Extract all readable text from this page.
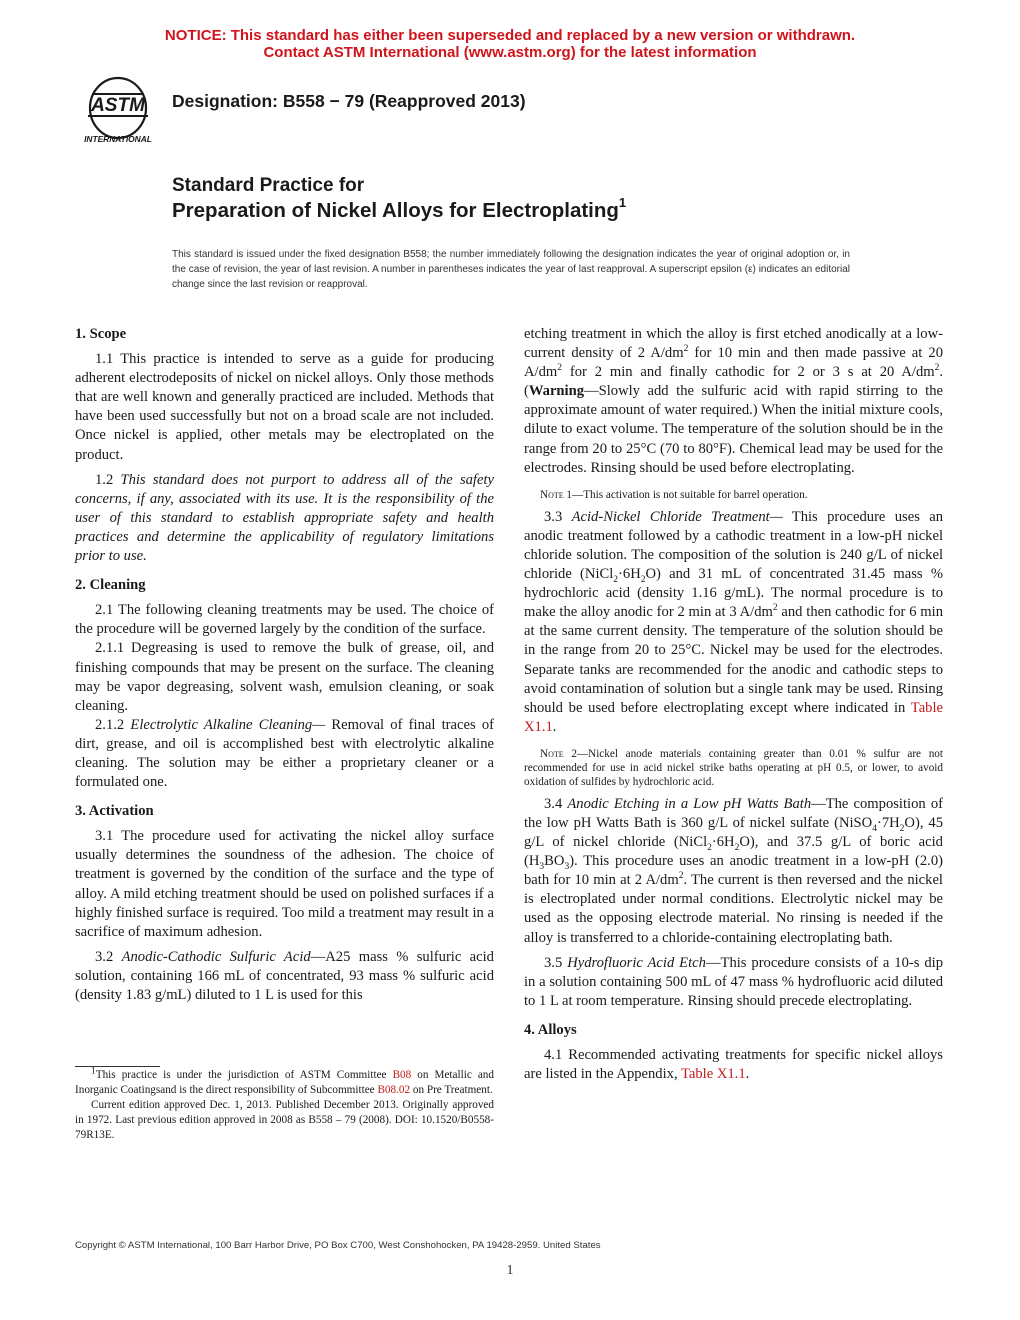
NOTICE: This standard has either been superseded and replaced by a new version or withdrawn.
Contact ASTM International (www.astm.org) for the latest information
ASTM
INTERNATIONAL
Designation: B558 − 79 (Reapproved 2013)
Standard Practice for
Preparation of Nickel Alloys for Electroplating$^1$
This standard is issued under the fixed designation B558; the number immediately following the designation indicates the year of original adoption or, in the case of revision, the year of last revision. A number in parentheses indicates the year of last reapproval. A superscript epsilon (ε) indicates an editorial change since the last revision or reapproval.
1. Scope

1.1 This practice is intended to serve as a guide for producing adherent electrodeposits of nickel on nickel alloys. Only those methods that are well known and generally practiced are included. Methods that have been used successfully but not on a broad scale are not included. Once nickel is applied, other metals may be electroplated on the product.

1.2 This standard does not purport to address all of the safety concerns, if any, associated with its use. It is the responsibility of the user of this standard to establish appropriate safety and health practices and determine the applicability of regulatory limitations prior to use.

2. Cleaning

2.1 The following cleaning treatments may be used. The choice of the procedure will be governed largely by the condition of the surface.

2.1.1 Degreasing is used to remove the bulk of grease, oil, and finishing compounds that may be present on the surface. The cleaning may be vapor degreasing, solvent wash, emulsion cleaning, or soak cleaning.

2.1.2 Electrolytic Alkaline Cleaning— Removal of final traces of dirt, grease, and oil is accomplished best with electrolytic alkaline cleaning. The solution may be either a proprietary cleaner or a formulated one.

3. Activation

3.1 The procedure used for activating the nickel alloy surface usually determines the soundness of the adhesion. The choice of treatment is governed by the condition of the surface and the type of alloy. A mild etching treatment should be used on polished surfaces if a highly finished surface is required. Too mild a treatment may result in a sacrifice of maximum adhesion.

3.2 Anodic-Cathodic Sulfuric Acid—A25 mass % sulfuric acid solution, containing 166 mL of concentrated, 93 mass % sulfuric acid (density 1.83 g/mL) diluted to 1 L is used for this

$^1$This practice is under the jurisdiction of ASTM Committee B08 on Metallic and Inorganic Coatingsand is the direct responsibility of Subcommittee B08.02 on Pre Treatment.

Current edition approved Dec. 1, 2013. Published December 2013. Originally approved in 1972. Last previous edition approved in 2008 as B558 – 79 (2008). DOI: 10.1520/B0558-79R13E.

etching treatment in which the alloy is first etched anodically at a low-current density of 2 $A/dm^2$ for 10 min and then made passive at 20 $A/dm^2$ for 2 min and finally cathodic for 2 or 3 s at 20 $A/dm^2$. (Warning—Slowly add the sulfuric acid with rapid stirring to the approximate amount of water required.) When the initial mixture cools, dilute to exact volume. The temperature of the solution should be in the range from 20 to 25°C (70 to 80°F). Chemical lead may be used for the electrodes. Rinsing should be used before electroplating.

Note 1—This activation is not suitable for barrel operation.

3.3 Acid-Nickel Chloride Treatment— This procedure uses an anodic treatment followed by a cathodic treatment in a low-pH nickel chloride solution. The composition of the solution is 240 g/L of nickel chloride $(NiCl_2\cdot 6H_2O)$ and 31 mL of concentrated 31.45 mass % hydrochloric acid (density 1.16 g/mL). The normal procedure is to make the alloy anodic for 2 min at 3 $A/dm^2$ and then cathodic for 6 min at the same current density. The temperature of the solution should be in the range from 20 to 25°C. Nickel may be used for the electrodes. Separate tanks are recommended for the anodic and cathodic steps to avoid contamination of solution but a single tank may be used. Rinsing should be used before electroplating except where indicated in Table X1.1.

Note 2—Nickel anode materials containing greater than 0.01 % sulfur are not recommended for use in acid nickel strike baths operating at pH 0.5, or lower, to avoid oxidation of sulfides by hydrochloric acid.

3.4 Anodic Etching in a Low pH Watts Bath—The composition of the low pH Watts Bath is 360 g/L of nickel sulfate $(NiSO_4\cdot 7H_2O)$, 45 g/L of nickel chloride $(NiCl_2\cdot 6H_2O)$, and 37.5 g/L of boric acid $(H_3BO_3)$. This procedure uses an anodic treatment in a low-pH (2.0) bath for 10 min at 2 $A/dm^2$. The current is then reversed and the nickel is electroplated under normal conditions. Electrolytic nickel may be used as the opposing electrode material. No rinsing is needed if the alloy is transferred to a chloride-containing electroplating bath.

3.5 Hydrofluoric Acid Etch—This procedure consists of a 10-s dip in a solution containing 500 mL of 47 mass % hydrofluoric acid diluted to 1 L at room temperature. Rinsing should precede electroplating.

4. Alloys

4.1 Recommended activating treatments for specific nickel alloys are listed in the Appendix, Table X1.1.

Copyright © ASTM International, 100 Barr Harbor Drive, PO Box C700, West Conshohocken, PA 19428-2959. United States
1
